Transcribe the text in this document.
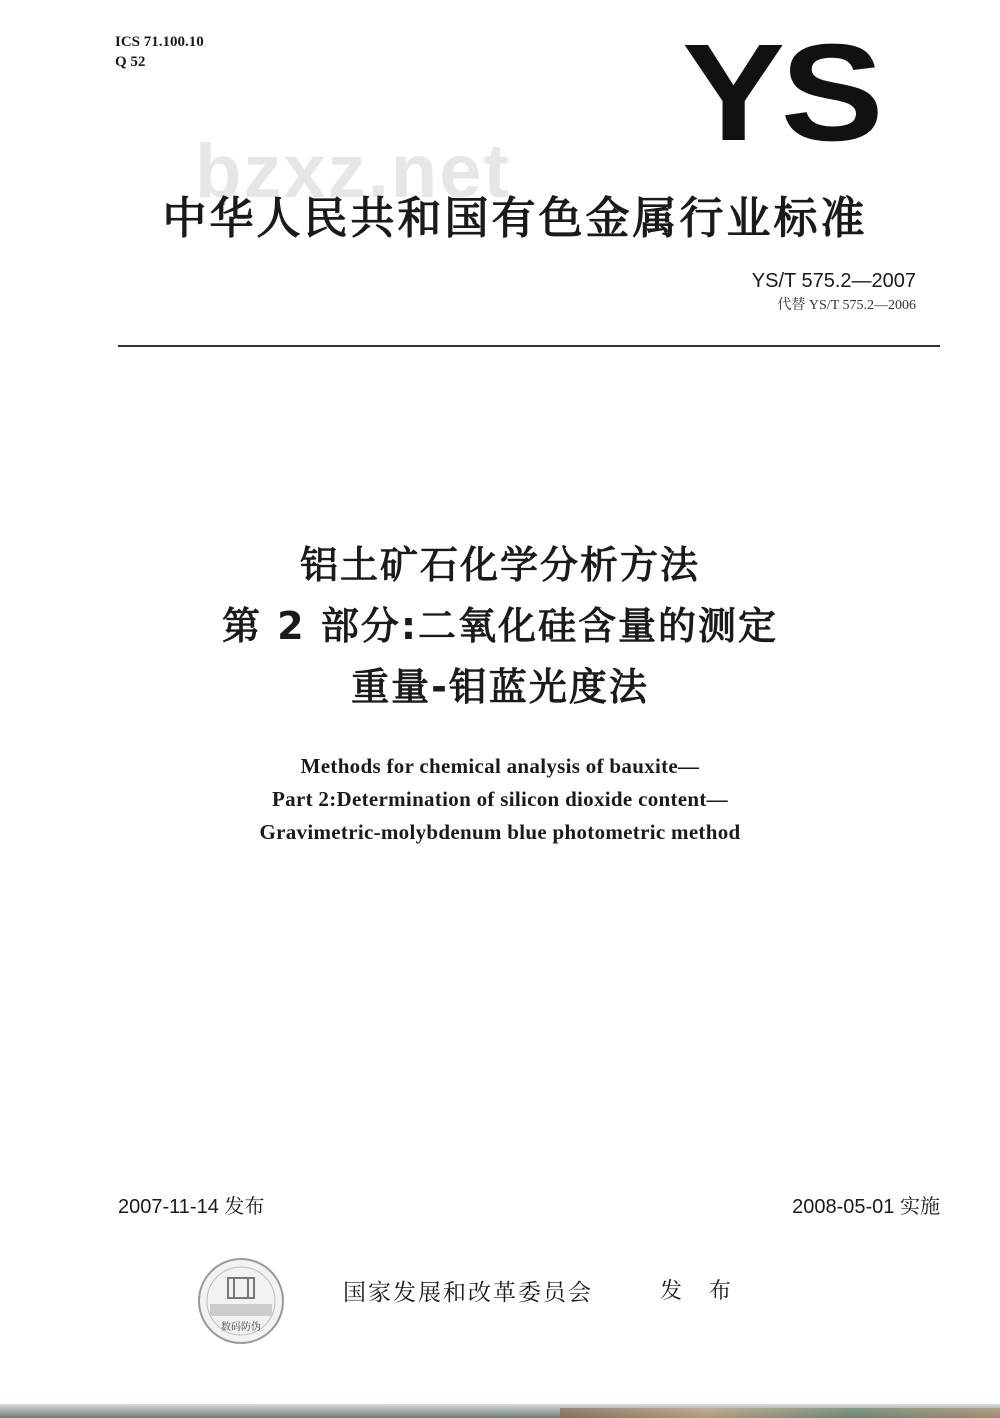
ICS 71.100.10
Q 52
bzxz.net
YS
中华人民共和国有色金属行业标准
YS/T 575.2—2007
代替 YS/T 575.2—2006
铝土矿石化学分析方法
第 2 部分:二氧化硅含量的测定
重量-钼蓝光度法
Methods for chemical analysis of bauxite—
Part 2:Determination of silicon dioxide content—
Gravimetric-molybdenum blue photometric method
2007-11-14 发布	2008-05-01 实施
数码防伪
国家发展和改革委员会	发 布
